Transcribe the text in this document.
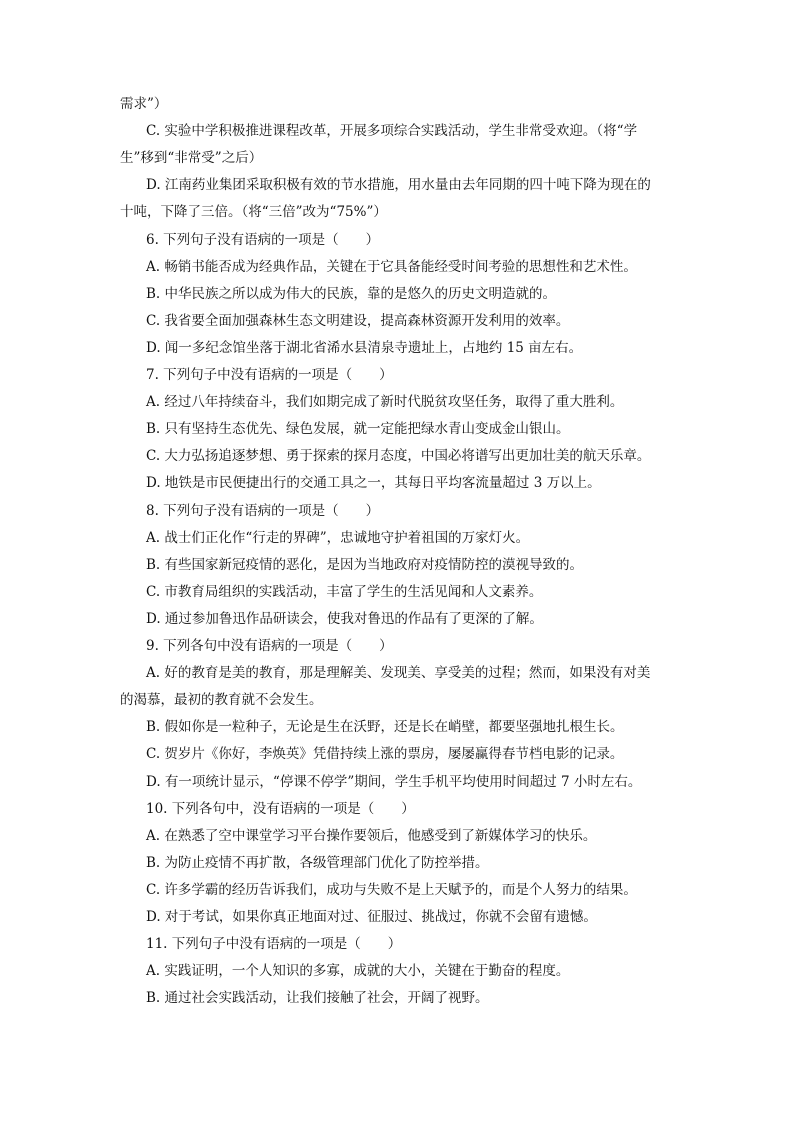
需求”）
C. 实验中学积极推进课程改革，开展多项综合实践活动，学生非常受欢迎。（将“学
生”移到“非常受”之后）
D. 江南药业集团采取积极有效的节水措施，用水量由去年同期的四十吨下降为现在的
十吨，下降了三倍。（将“三倍”改为“75%”）
6. 下列句子没有语病的一项是（　　）
A. 畅销书能否成为经典作品，关键在于它具备能经受时间考验的思想性和艺术性。
B. 中华民族之所以成为伟大的民族，靠的是悠久的历史文明造就的。
C. 我省要全面加强森林生态文明建设，提高森林资源开发利用的效率。
D. 闻一多纪念馆坐落于湖北省浠水县清泉寺遗址上，占地约 15 亩左右。
7. 下列句子中没有语病的一项是（　　）
A. 经过八年持续奋斗，我们如期完成了新时代脱贫攻坚任务，取得了重大胜利。
B. 只有坚持生态优先、绿色发展，就一定能把绿水青山变成金山银山。
C. 大力弘扬追逐梦想、勇于探索的探月态度，中国必将谱写出更加壮美的航天乐章。
D. 地铁是市民便捷出行的交通工具之一，其每日平均客流量超过 3 万以上。
8. 下列句子没有语病的一项是（　　）
A. 战士们正化作“行走的界碑”，忠诚地守护着祖国的万家灯火。
B. 有些国家新冠疫情的恶化，是因为当地政府对疫情防控的漠视导致的。
C. 市教育局组织的实践活动，丰富了学生的生活见闻和人文素养。
D. 通过参加鲁迅作品研读会，使我对鲁迅的作品有了更深的了解。
9. 下列各句中没有语病的一项是（　　）
A. 好的教育是美的教育，那是理解美、发现美、享受美的过程；然而，如果没有对美
的渴慕，最初的教育就不会发生。
B. 假如你是一粒种子，无论是生在沃野，还是长在峭壁，都要坚强地扎根生长。
C. 贺岁片《你好，李焕英》凭借持续上涨的票房，屡屡赢得春节档电影的记录。
D. 有一项统计显示，“停课不停学”期间，学生手机平均使用时间超过 7 小时左右。
10. 下列各句中，没有语病的一项是（　　）
A. 在熟悉了空中课堂学习平台操作要领后，他感受到了新媒体学习的快乐。
B. 为防止疫情不再扩散，各级管理部门优化了防控举措。
C. 许多学霸的经历告诉我们，成功与失败不是上天赋予的，而是个人努力的结果。
D. 对于考试，如果你真正地面对过、征服过、挑战过，你就不会留有遗憾。
11. 下列句子中没有语病的一项是（　　）
A. 实践证明，一个人知识的多寡，成就的大小，关键在于勤奋的程度。
B. 通过社会实践活动，让我们接触了社会，开阔了视野。
